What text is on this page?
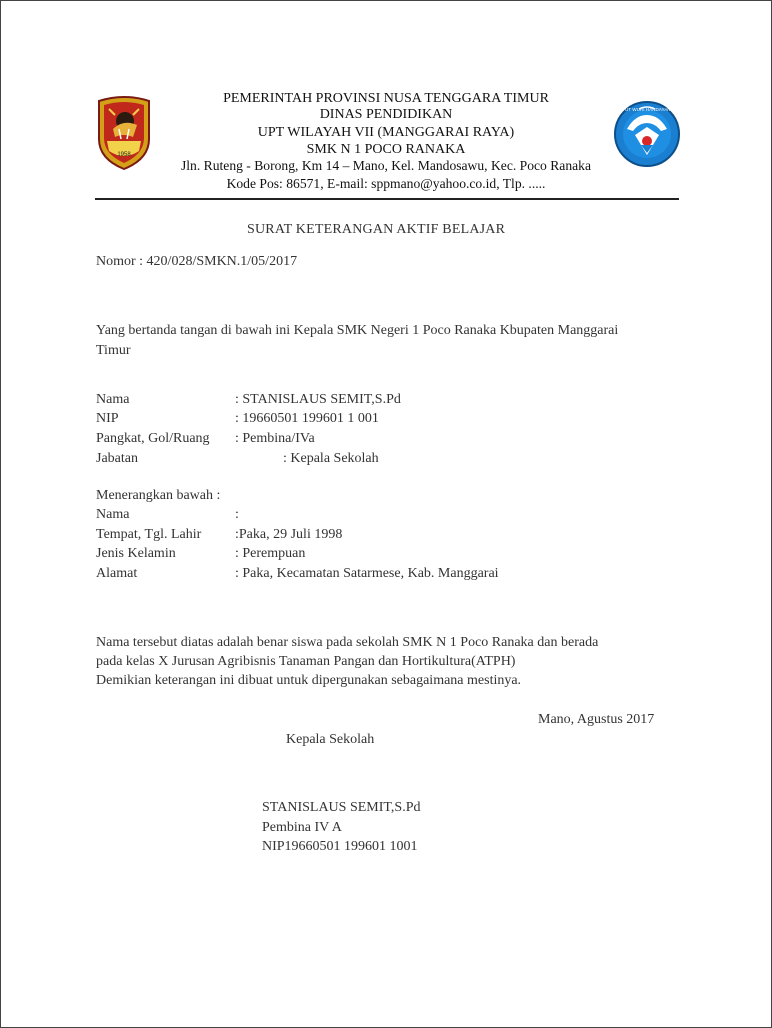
1958
PEMERINTAH PROVINSI NUSA TENGGARA TIMUR
DINAS PENDIDIKAN
UPT WILAYAH VII (MANGGARAI RAYA)
SMK N 1 POCO RANAKA
Jln. Ruteng - Borong, Km 14 – Mano, Kel. Mandosawu, Kec. Poco Ranaka
Kode Pos: 86571, E-mail: sppmano@yahoo.co.id, Tlp. .....
TUT WURI HANDAYANI
SURAT KETERANGAN AKTIF BELAJAR
Nomor : 420/028/SMKN.1/05/2017
Yang bertanda tangan di bawah ini Kepala SMK Negeri 1 Poco Ranaka Kbupaten Manggarai
Timur
Nama	: STANISLAUS SEMIT,S.Pd
NIP	: 19660501 199601 1 001
Pangkat, Gol/Ruang : Pembina/IVa
Jabatan	: Kepala Sekolah
Menerangkan bawah :
Nama	:
Tempat, Tgl. Lahir :Paka, 29 Juli 1998
Jenis Kelamin	: Perempuan
Alamat	: Paka, Kecamatan Satarmese, Kab. Manggarai
Nama tersebut diatas adalah benar siswa pada sekolah SMK N 1 Poco Ranaka dan berada
pada kelas X Jurusan Agribisnis Tanaman Pangan dan Hortikultura(ATPH)
Demikian keterangan ini dibuat untuk dipergunakan sebagaimana mestinya.
Mano, Agustus 2017
Kepala Sekolah
STANISLAUS SEMIT,S.Pd
Pembina IV A
NIP19660501 199601 1001
